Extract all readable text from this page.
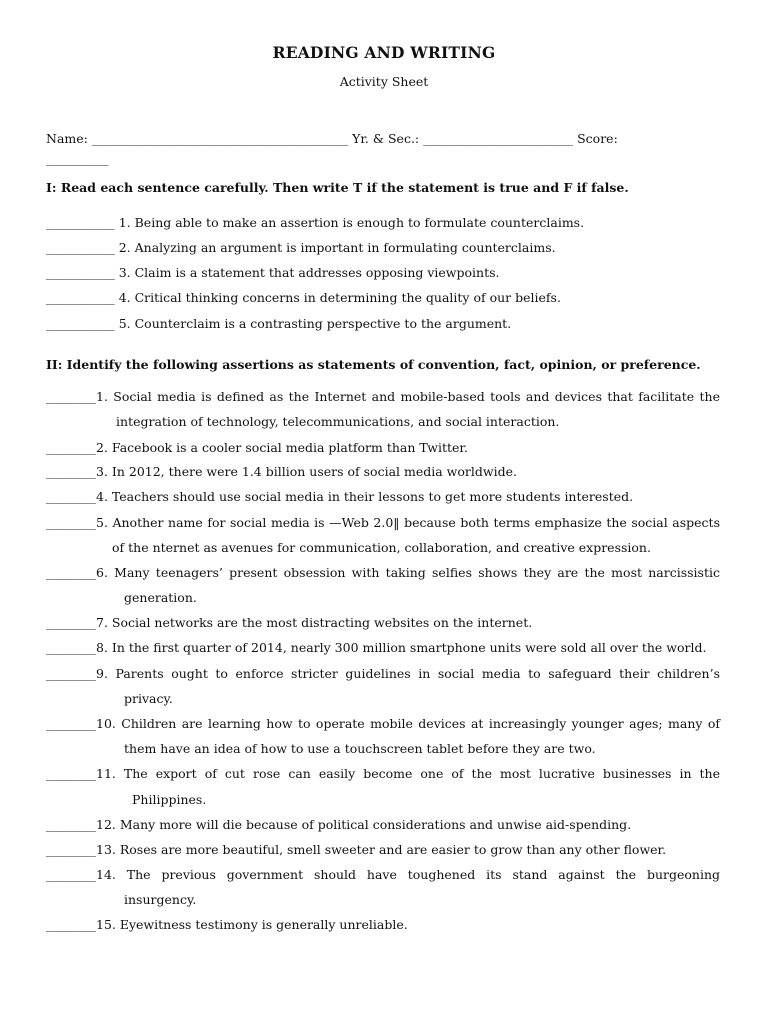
READING AND WRITING
Activity Sheet
Name: _________________________________________ Yr. & Sec.: ________________________ Score:
__________
I: Read each sentence carefully. Then write T if the statement is true and F if false.
___________ 1. Being able to make an assertion is enough to formulate counterclaims.
___________ 2. Analyzing an argument is important in formulating counterclaims.
___________ 3. Claim is a statement that addresses opposing viewpoints.
___________ 4. Critical thinking concerns in determining the quality of our beliefs.
___________ 5. Counterclaim is a contrasting perspective to the argument.
II: Identify the following assertions as statements of convention, fact, opinion, or preference.
________1. Social media is defined as the Internet and mobile-based tools and devices that facilitate the
integration of technology, telecommunications, and social interaction.
________2. Facebook is a cooler social media platform than Twitter.
________3. In 2012, there were 1.4 billion users of social media worldwide.
________4. Teachers should use social media in their lessons to get more students interested.
________5. Another name for social media is —Web 2.0‖ because both terms emphasize the social aspects
of the nternet as avenues for communication, collaboration, and creative expression.
________6. Many teenagers’ present obsession with taking selfies shows they are the most narcissistic
generation.
________7. Social networks are the most distracting websites on the internet.
________8. In the first quarter of 2014, nearly 300 million smartphone units were sold all over the world.
________9. Parents ought to enforce stricter guidelines in social media to safeguard their children’s
privacy.
________10. Children are learning how to operate mobile devices at increasingly younger ages; many of
them have an idea of how to use a touchscreen tablet before they are two.
________11. The export of cut rose can easily become one of the most lucrative businesses in the
Philippines.
________12. Many more will die because of political considerations and unwise aid-spending.
________13. Roses are more beautiful, smell sweeter and are easier to grow than any other flower.
________14. The previous government should have toughened its stand against the burgeoning
insurgency.
________15. Eyewitness testimony is generally unreliable.
